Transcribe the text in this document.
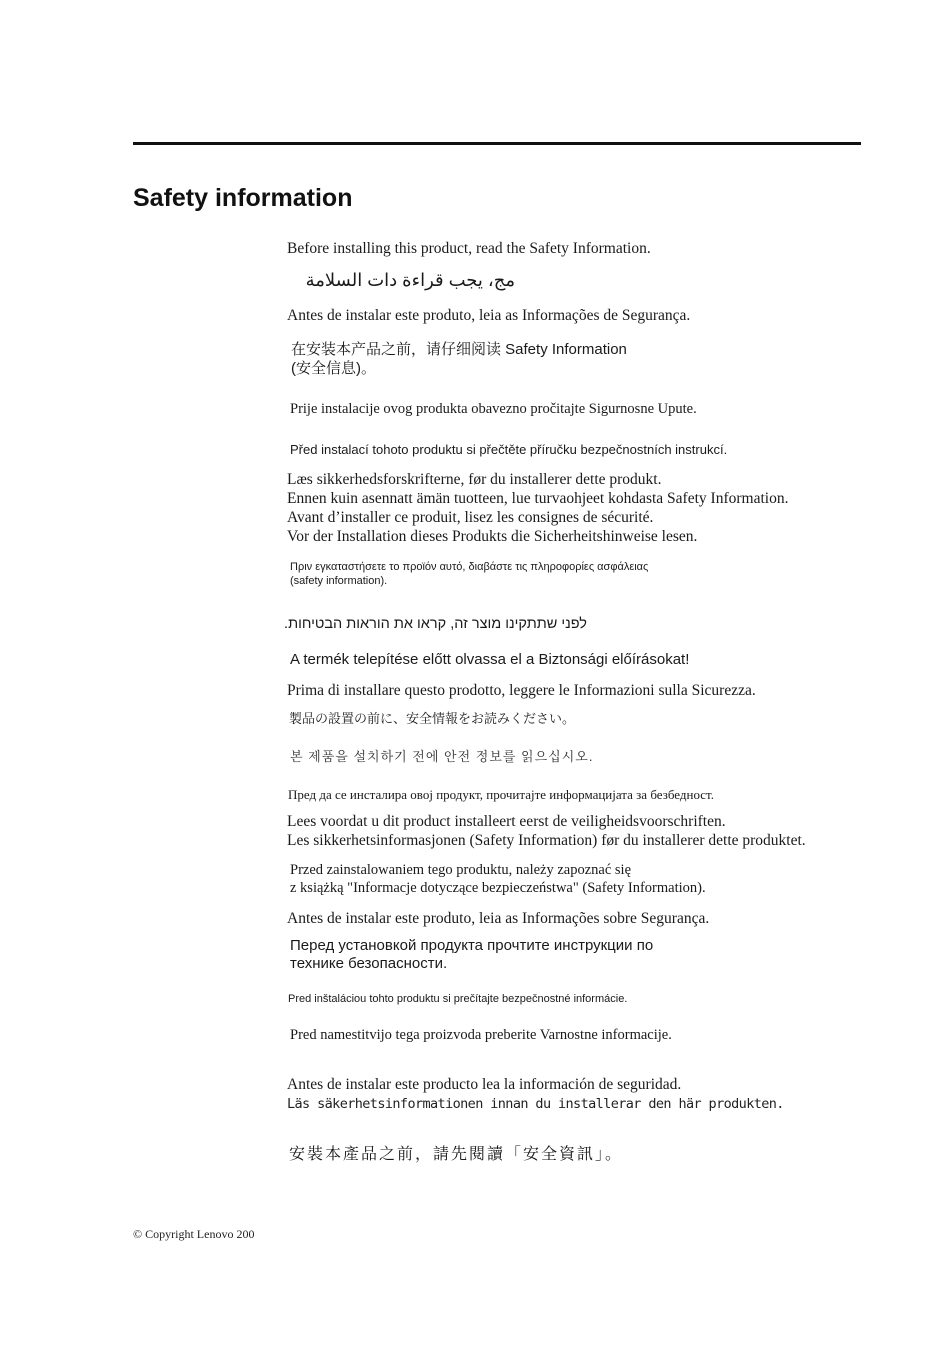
Safety information

Before installing this product, read the Safety Information.

مج، يجب قراءة دات السلامة

Antes de instalar este produto, leia as Informações de Segurança.

在安装本产品之前，请仔细阅读 Safety Information
(安全信息)。

Prije instalacije ovog produkta obavezno pročitajte Sigurnosne Upute.

Před instalací tohoto produktu si přečtěte příručku bezpečnostních instrukcí.

Læs sikkerhedsforskrifterne, før du installerer dette produkt.

Ennen kuin asennatt ämän tuotteen, lue turvaohjeet kohdasta Safety Information.

Avant d’installer ce produit, lisez les consignes de sécurité.

Vor der Installation dieses Produkts die Sicherheitshinweise lesen.

Πριν εγκαταστήσετε το προϊόν αυτό, διαβάστε τις πληροφορίες ασφάλειας
(safety information).

לפני שתתקינו מוצר זה, קראו את הוראות הבטיחות.

A termék telepítése előtt olvassa el a Biztonsági előírásokat!

Prima di installare questo prodotto, leggere le Informazioni sulla Sicurezza.

製品の設置の前に、安全情報をお読みください。

본 제품을 설치하기 전에 안전 정보를 읽으십시오.

Пред да се инсталира овој продукт, прочитајте информацијата за безбедност.

Lees voordat u dit product installeert eerst de veiligheidsvoorschriften.

Les sikkerhetsinformasjonen (Safety Information) før du installerer dette produktet.

Przed zainstalowaniem tego produktu, należy zapoznać się
z książką "Informacje dotyczące bezpieczeństwa" (Safety Information).

Antes de instalar este produto, leia as Informações sobre Segurança.

Перед установкой продукта прочтите инструкции по
технике безопасности.

Pred inštaláciou tohto produktu si prečítajte bezpečnostné informácie.

Pred namestitvijo tega proizvoda preberite Varnostne informacije.

Antes de instalar este producto lea la información de seguridad.

Läs säkerhetsinformationen innan du installerar den här produkten.

安裝本產品之前，請先閱讀「安全資訊」。

© Copyright Lenovo 200
